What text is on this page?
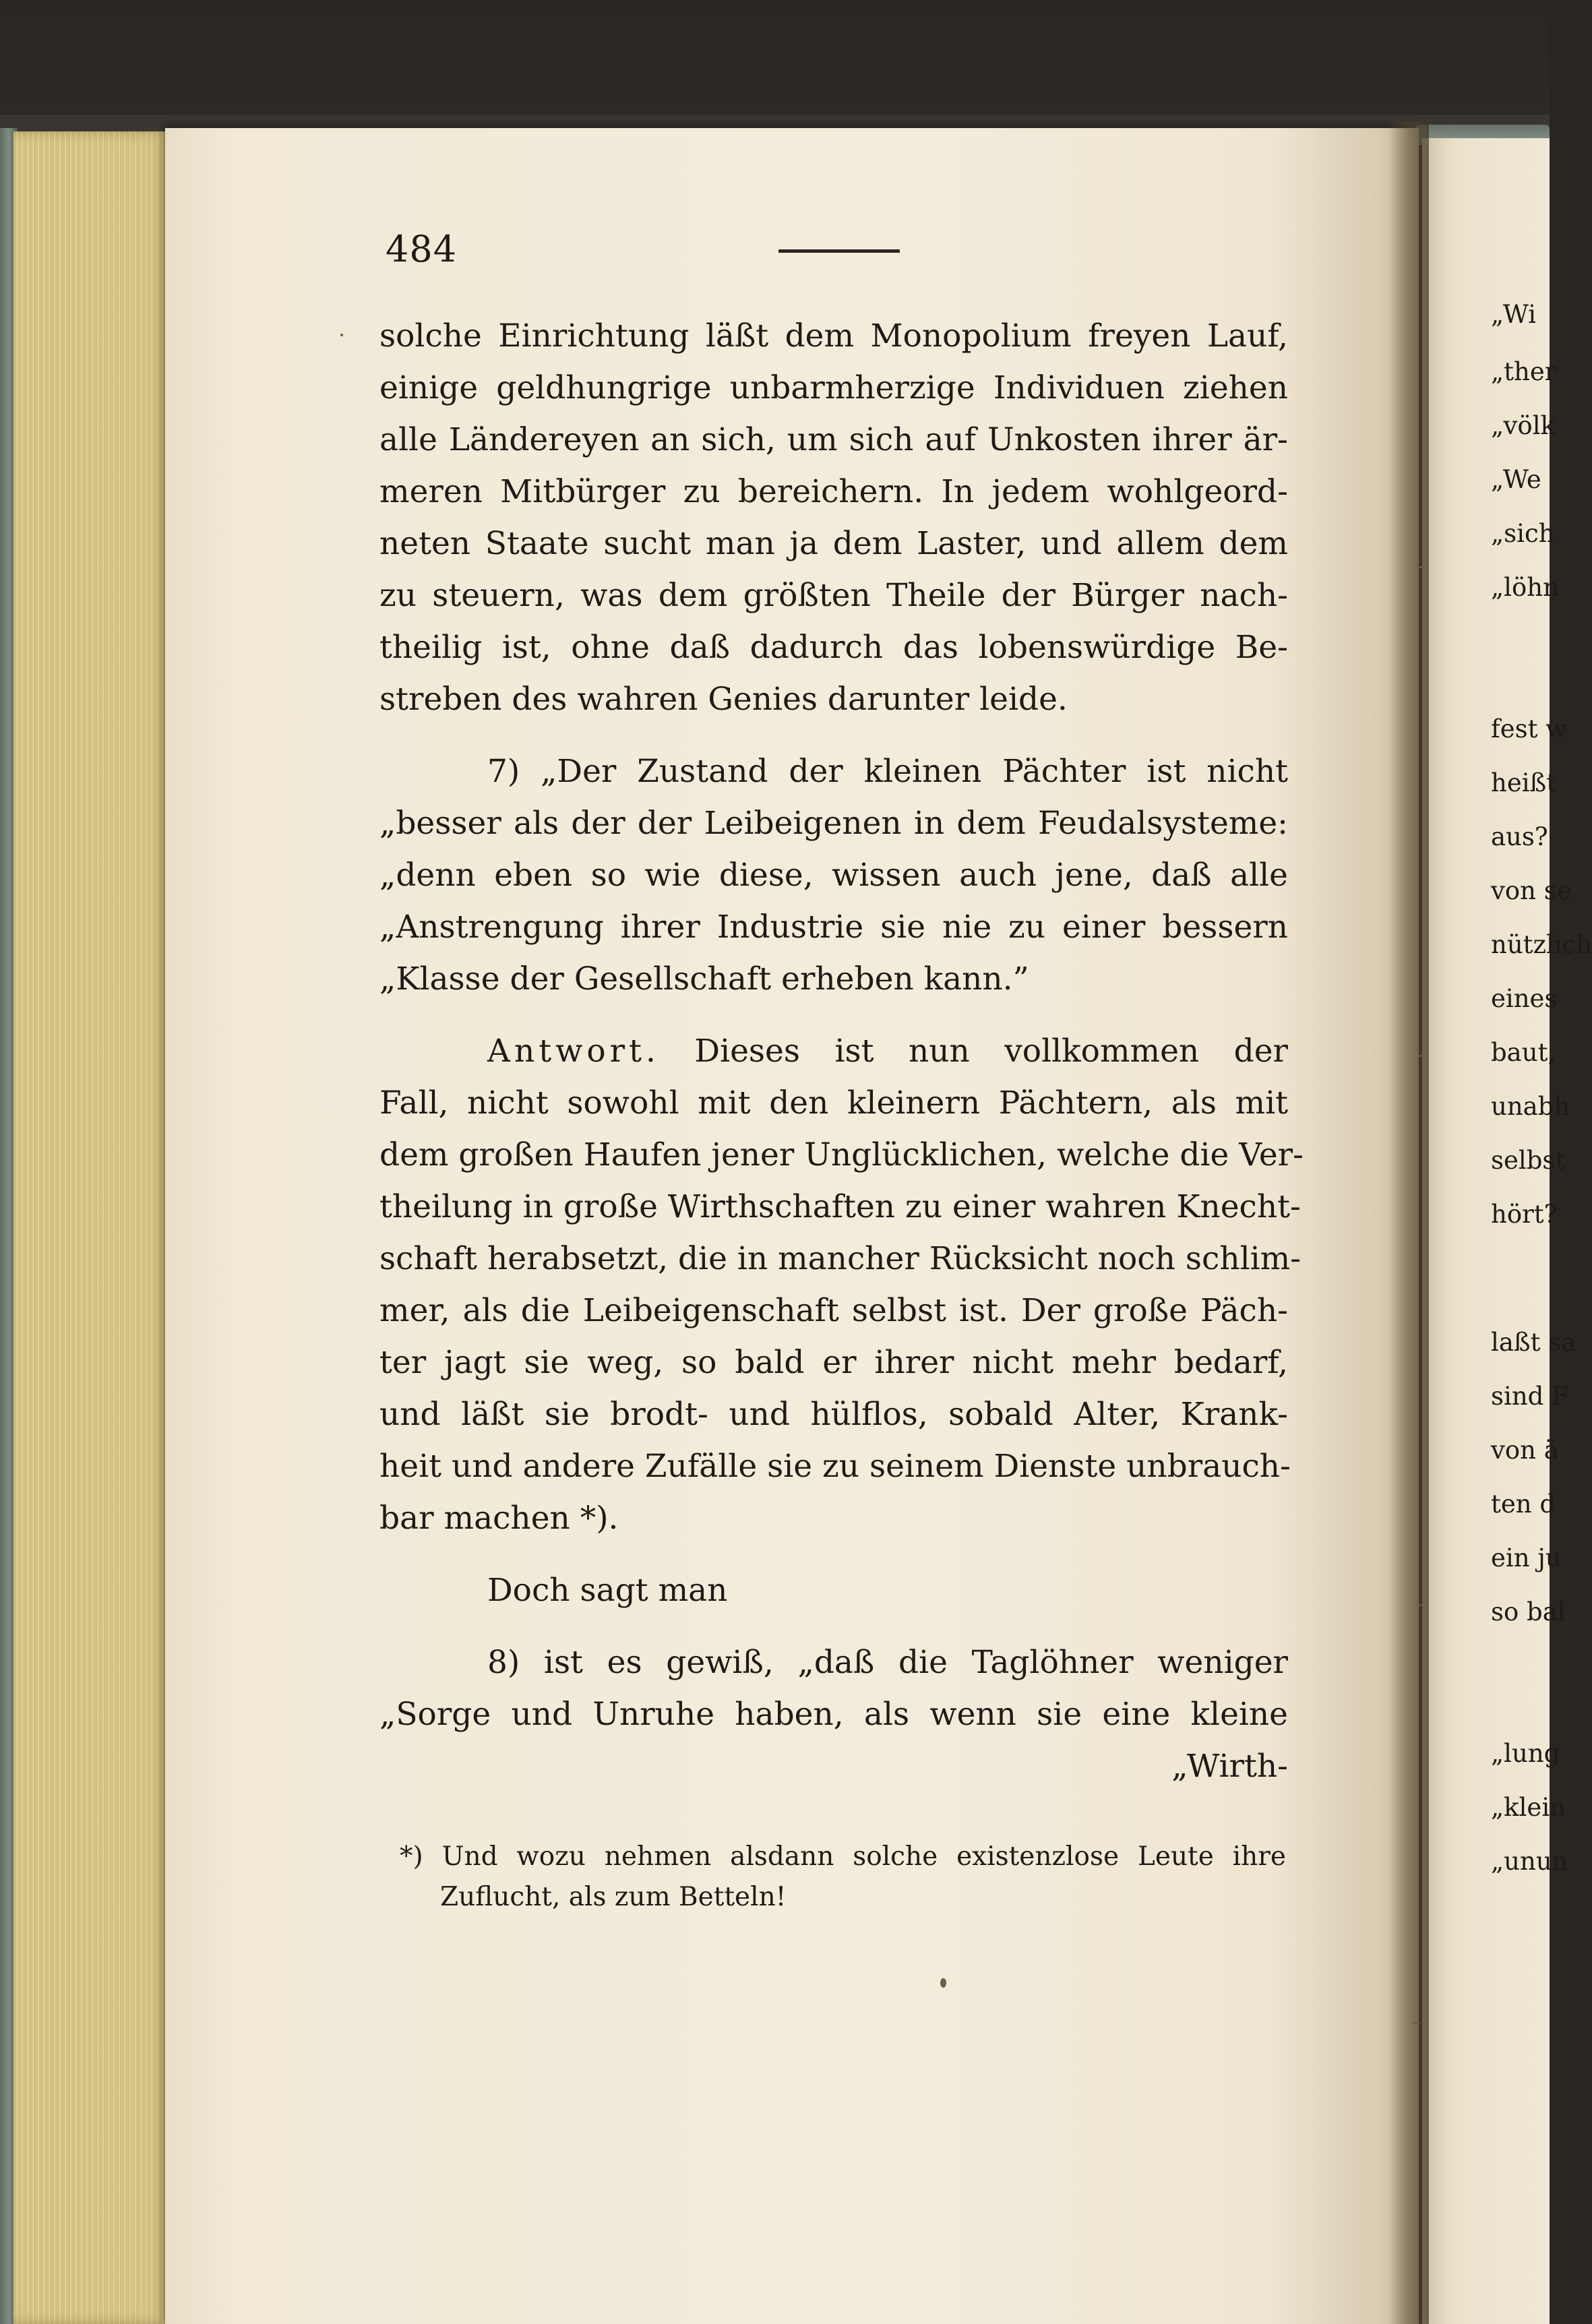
484
solche Einrichtung läßt dem Monopolium freyen Lauf,
einige geldhungrige unbarmherzige Individuen ziehen
alle Ländereyen an sich, um sich auf Unkosten ihrer är-
meren Mitbürger zu bereichern. In jedem wohlgeord-
neten Staate sucht man ja dem Laster, und allem dem
zu steuern, was dem größten Theile der Bürger nach-
theilig ist, ohne daß dadurch das lobenswürdige Be-
streben des wahren Genies darunter leide.
7) „Der Zustand der kleinen Pächter ist nicht
„besser als der der Leibeigenen in dem Feudalsysteme:
„denn eben so wie diese, wissen auch jene, daß alle
„Anstrengung ihrer Industrie sie nie zu einer bessern
„Klasse der Gesellschaft erheben kann.”
Antwort. Dieses ist nun vollkommen der
Fall, nicht sowohl mit den kleinern Pächtern, als mit
dem großen Haufen jener Unglücklichen, welche die Ver-
theilung in große Wirthschaften zu einer wahren Knecht-
schaft herabsetzt, die in mancher Rücksicht noch schlim-
mer, als die Leibeigenschaft selbst ist. Der große Päch-
ter jagt sie weg, so bald er ihrer nicht mehr bedarf,
und läßt sie brodt- und hülflos, sobald Alter, Krank-
heit und andere Zufälle sie zu seinem Dienste unbrauch-
bar machen *).
Doch sagt man
8) ist es gewiß, „daß die Taglöhner weniger
„Sorge und Unruhe haben, als wenn sie eine kleine
„Wirth-
*) Und wozu nehmen alsdann solche existenzlose Leute ihre
Zuflucht, als zum Betteln!
„Wi
„ther
„völk
„We
„sich
„löhn
fest w
heißt
aus?
von se
nützlich
eines
baut,
unabh
selbst
hört?
laßt sa
sind F
von ä
ten d
ein ju
so bal
„lung
„klein
„unun
